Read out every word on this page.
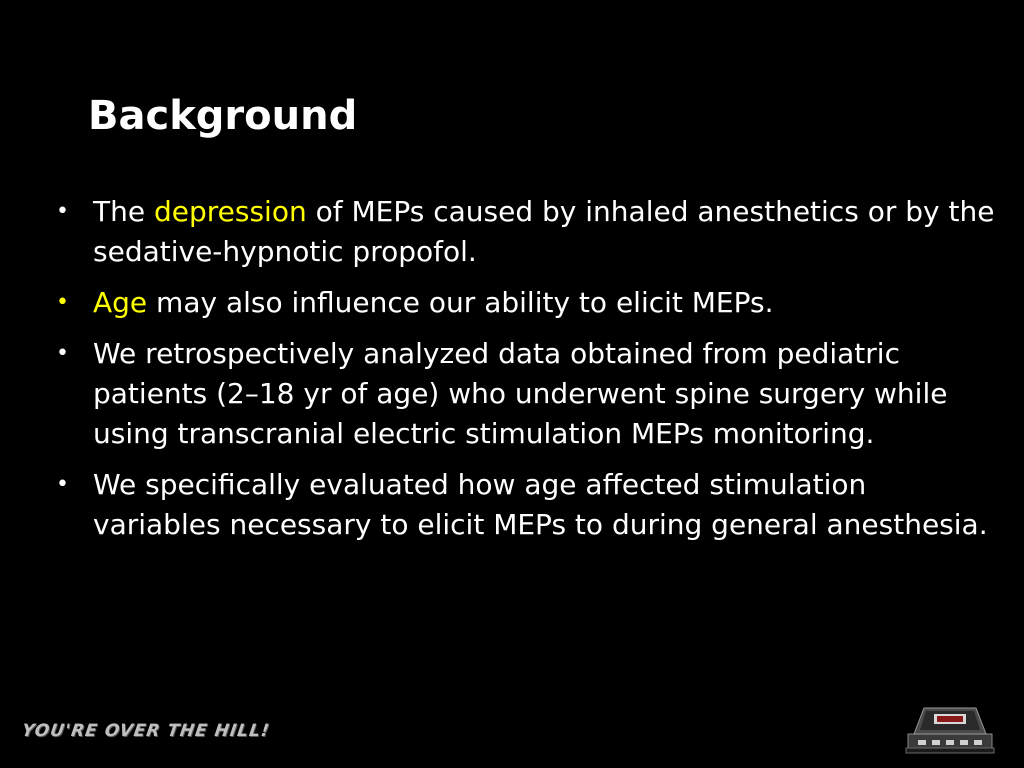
Background
• The depression of MEPs caused by inhaled anesthetics or by the sedative-hypnotic propofol.
• Age may also influence our ability to elicit MEPs.
• We retrospectively analyzed data obtained from pediatric patients (2–18 yr of age) who underwent spine surgery while using transcranial electric stimulation MEPs monitoring.
• We specifically evaluated how age affected stimulation variables necessary to elicit MEPs to during general anesthesia.
YOU'RE OVER THE HILL!
